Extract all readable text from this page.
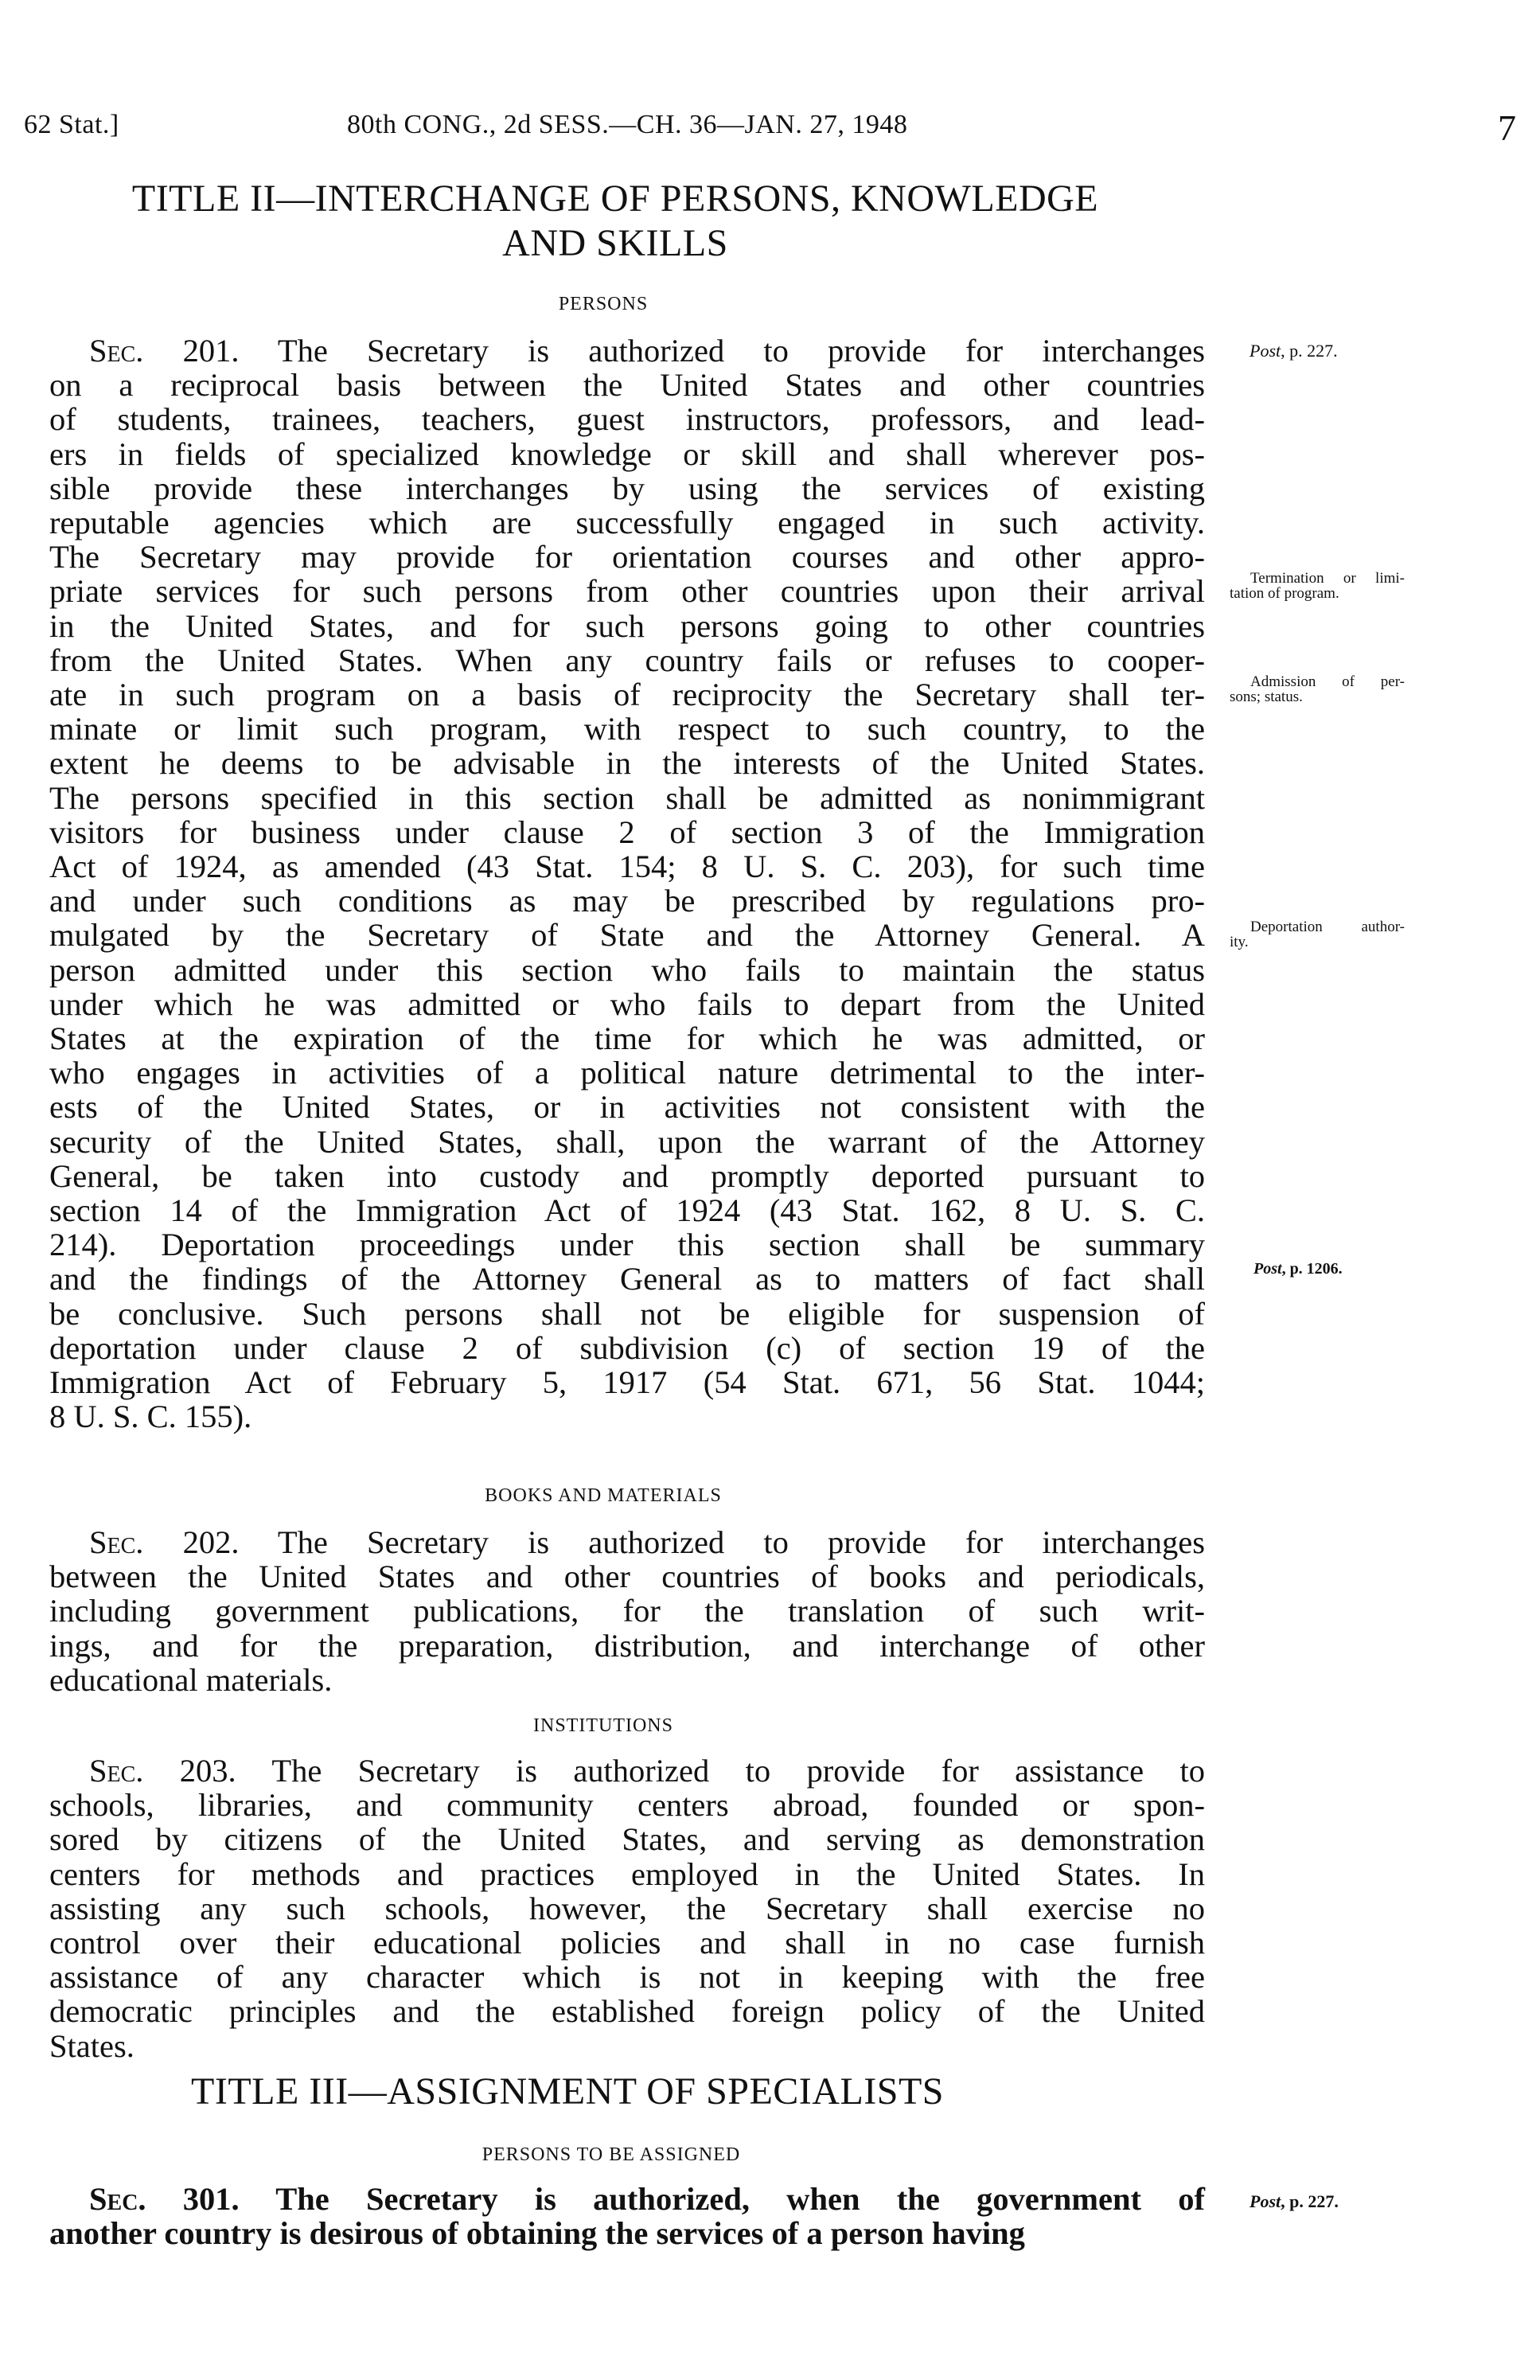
62 Stat.]	80th CONG., 2d SESS.—CH. 36—JAN. 27, 1948	7
TITLE II—INTERCHANGE OF PERSONS, KNOWLEDGE
AND SKILLS
PERSONS
Sec. 201. The Secretary is authorized to provide for interchanges
on a reciprocal basis between the United States and other countries
of students, trainees, teachers, guest instructors, professors, and lead-
ers in fields of specialized knowledge or skill and shall wherever pos-
sible provide these interchanges by using the services of existing
reputable agencies which are successfully engaged in such activity.
The Secretary may provide for orientation courses and other appro-
priate services for such persons from other countries upon their arrival
in the United States, and for such persons going to other countries
from the United States. When any country fails or refuses to cooper-
ate in such program on a basis of reciprocity the Secretary shall ter-
minate or limit such program, with respect to such country, to the
extent he deems to be advisable in the interests of the United States.
The persons specified in this section shall be admitted as nonimmigrant
visitors for business under clause 2 of section 3 of the Immigration
Act of 1924, as amended (43 Stat. 154; 8 U. S. C. 203), for such time
and under such conditions as may be prescribed by regulations pro-
mulgated by the Secretary of State and the Attorney General. A
person admitted under this section who fails to maintain the status
under which he was admitted or who fails to depart from the United
States at the expiration of the time for which he was admitted, or
who engages in activities of a political nature detrimental to the inter-
ests of the United States, or in activities not consistent with the
security of the United States, shall, upon the warrant of the Attorney
General, be taken into custody and promptly deported pursuant to
section 14 of the Immigration Act of 1924 (43 Stat. 162, 8 U. S. C.
214). Deportation proceedings under this section shall be summary
and the findings of the Attorney General as to matters of fact shall
be conclusive. Such persons shall not be eligible for suspension of
deportation under clause 2 of subdivision (c) of section 19 of the
Immigration Act of February 5, 1917 (54 Stat. 671, 56 Stat. 1044;
8 U. S. C. 155).
BOOKS AND MATERIALS
Sec. 202. The Secretary is authorized to provide for interchanges
between the United States and other countries of books and periodicals,
including government publications, for the translation of such writ-
ings, and for the preparation, distribution, and interchange of other
educational materials.
INSTITUTIONS
Sec. 203. The Secretary is authorized to provide for assistance to
schools, libraries, and community centers abroad, founded or spon-
sored by citizens of the United States, and serving as demonstration
centers for methods and practices employed in the United States. In
assisting any such schools, however, the Secretary shall exercise no
control over their educational policies and shall in no case furnish
assistance of any character which is not in keeping with the free
democratic principles and the established foreign policy of the United
States.
TITLE III—ASSIGNMENT OF SPECIALISTS
PERSONS TO BE ASSIGNED
Sec. 301. The Secretary is authorized, when the government of
another country is desirous of obtaining the services of a person having
Post, p. 227.
Termination or limi-
tation of program.
Admission of per-
sons; status.
Deportation author-
ity.
Post, p. 1206.
Post, p. 227.
